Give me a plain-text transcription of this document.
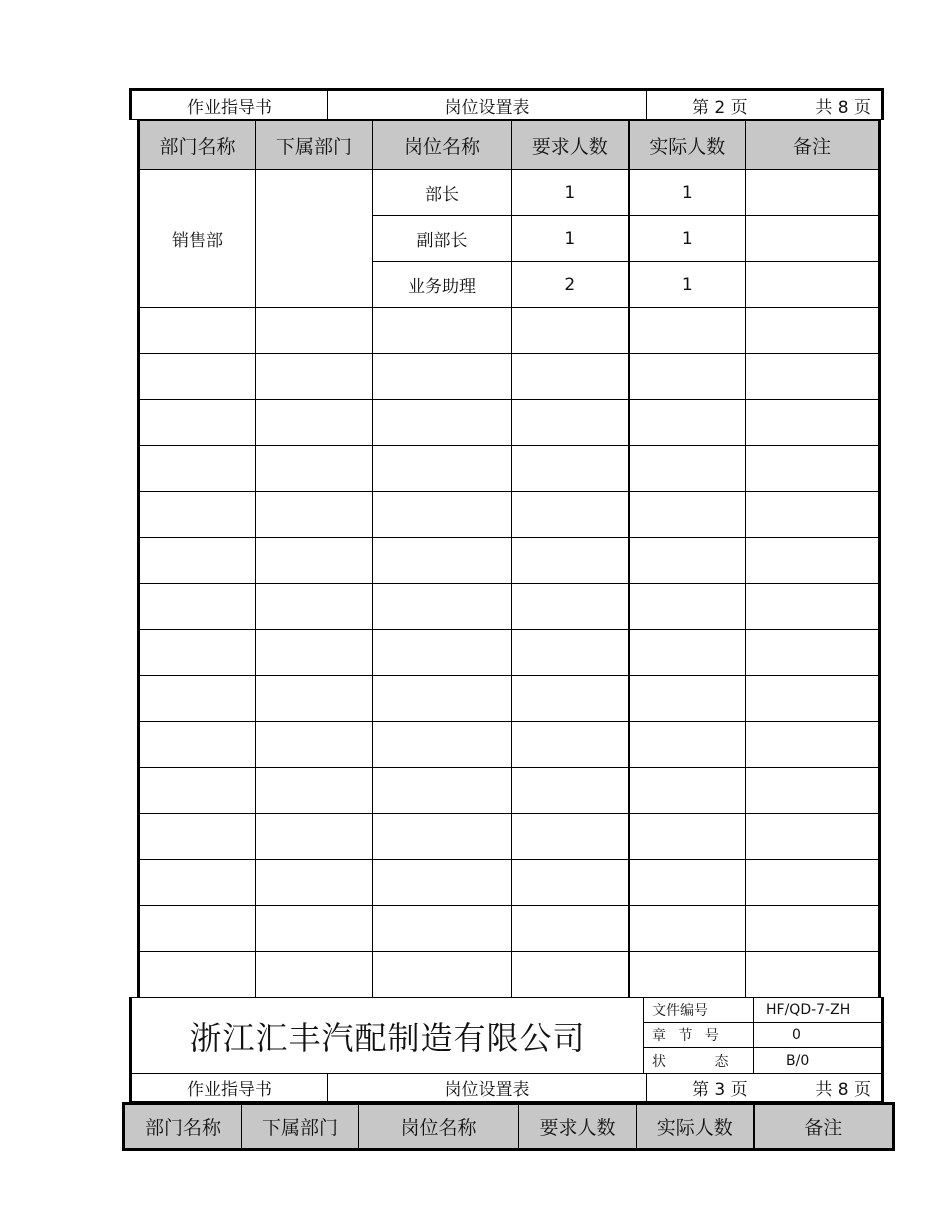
作业指导书	岗位设置表	第 2 页	共 8 页
部门名称	下属部门	岗位名称	要求人数	实际人数	备注
销售部		部长	1	1	
		副部长	1	1	
		业务助理	2	1	

浙江汇丰汽配制造有限公司
文件编号	HF/QD-7-ZH
章 节 号	0
状 态	B/0
作业指导书	岗位设置表	第 3 页	共 8 页
部门名称	下属部门	岗位名称	要求人数	实际人数	备注
